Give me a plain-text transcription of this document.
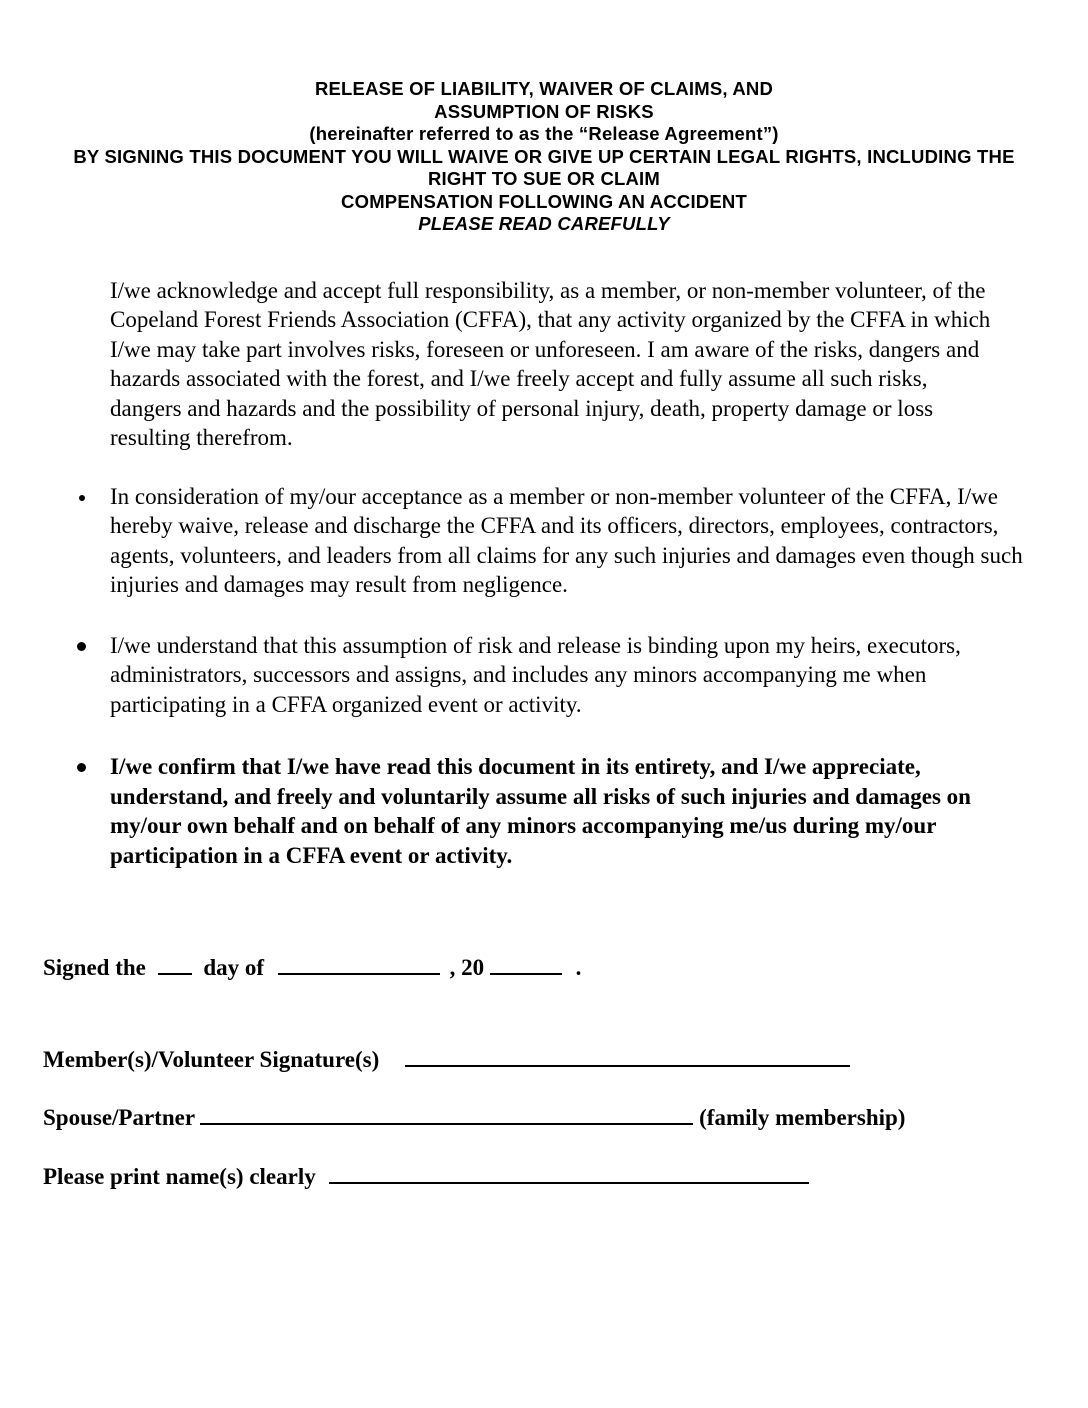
RELEASE OF LIABILITY, WAIVER OF CLAIMS, AND
ASSUMPTION OF RISKS
(hereinafter referred to as the “Release Agreement”)
BY SIGNING THIS DOCUMENT YOU WILL WAIVE OR GIVE UP CERTAIN LEGAL RIGHTS, INCLUDING THE
RIGHT TO SUE OR CLAIM
COMPENSATION FOLLOWING AN ACCIDENT
PLEASE READ CAREFULLY

I/we acknowledge and accept full responsibility, as a member, or non-member volunteer, of the Copeland Forest Friends Association (CFFA), that any activity organized by the CFFA in which I/we may take part involves risks, foreseen or unforeseen. I am aware of the risks, dangers and hazards associated with the forest, and I/we freely accept and fully assume all such risks, dangers and hazards and the possibility of personal injury, death, property damage or loss resulting therefrom.

In consideration of my/our acceptance as a member or non-member volunteer of the CFFA, I/we hereby waive, release and discharge the CFFA and its officers, directors, employees, contractors, agents, volunteers, and leaders from all claims for any such injuries and damages even though such injuries and damages may result from negligence.
I/we understand that this assumption of risk and release is binding upon my heirs, executors, administrators, successors and assigns, and includes any minors accompanying me when participating in a CFFA organized event or activity.
I/we confirm that I/we have read this document in its entirety, and I/we appreciate, understand, and freely and voluntarily assume all risks of such injuries and damages on my/our own behalf and on behalf of any minors accompanying me/us during my/our participation in a CFFA event or activity.
Signed the	day of	, 20	.
Member(s)/Volunteer Signature(s)
Spouse/Partner	(family membership)
Please print name(s) clearly
